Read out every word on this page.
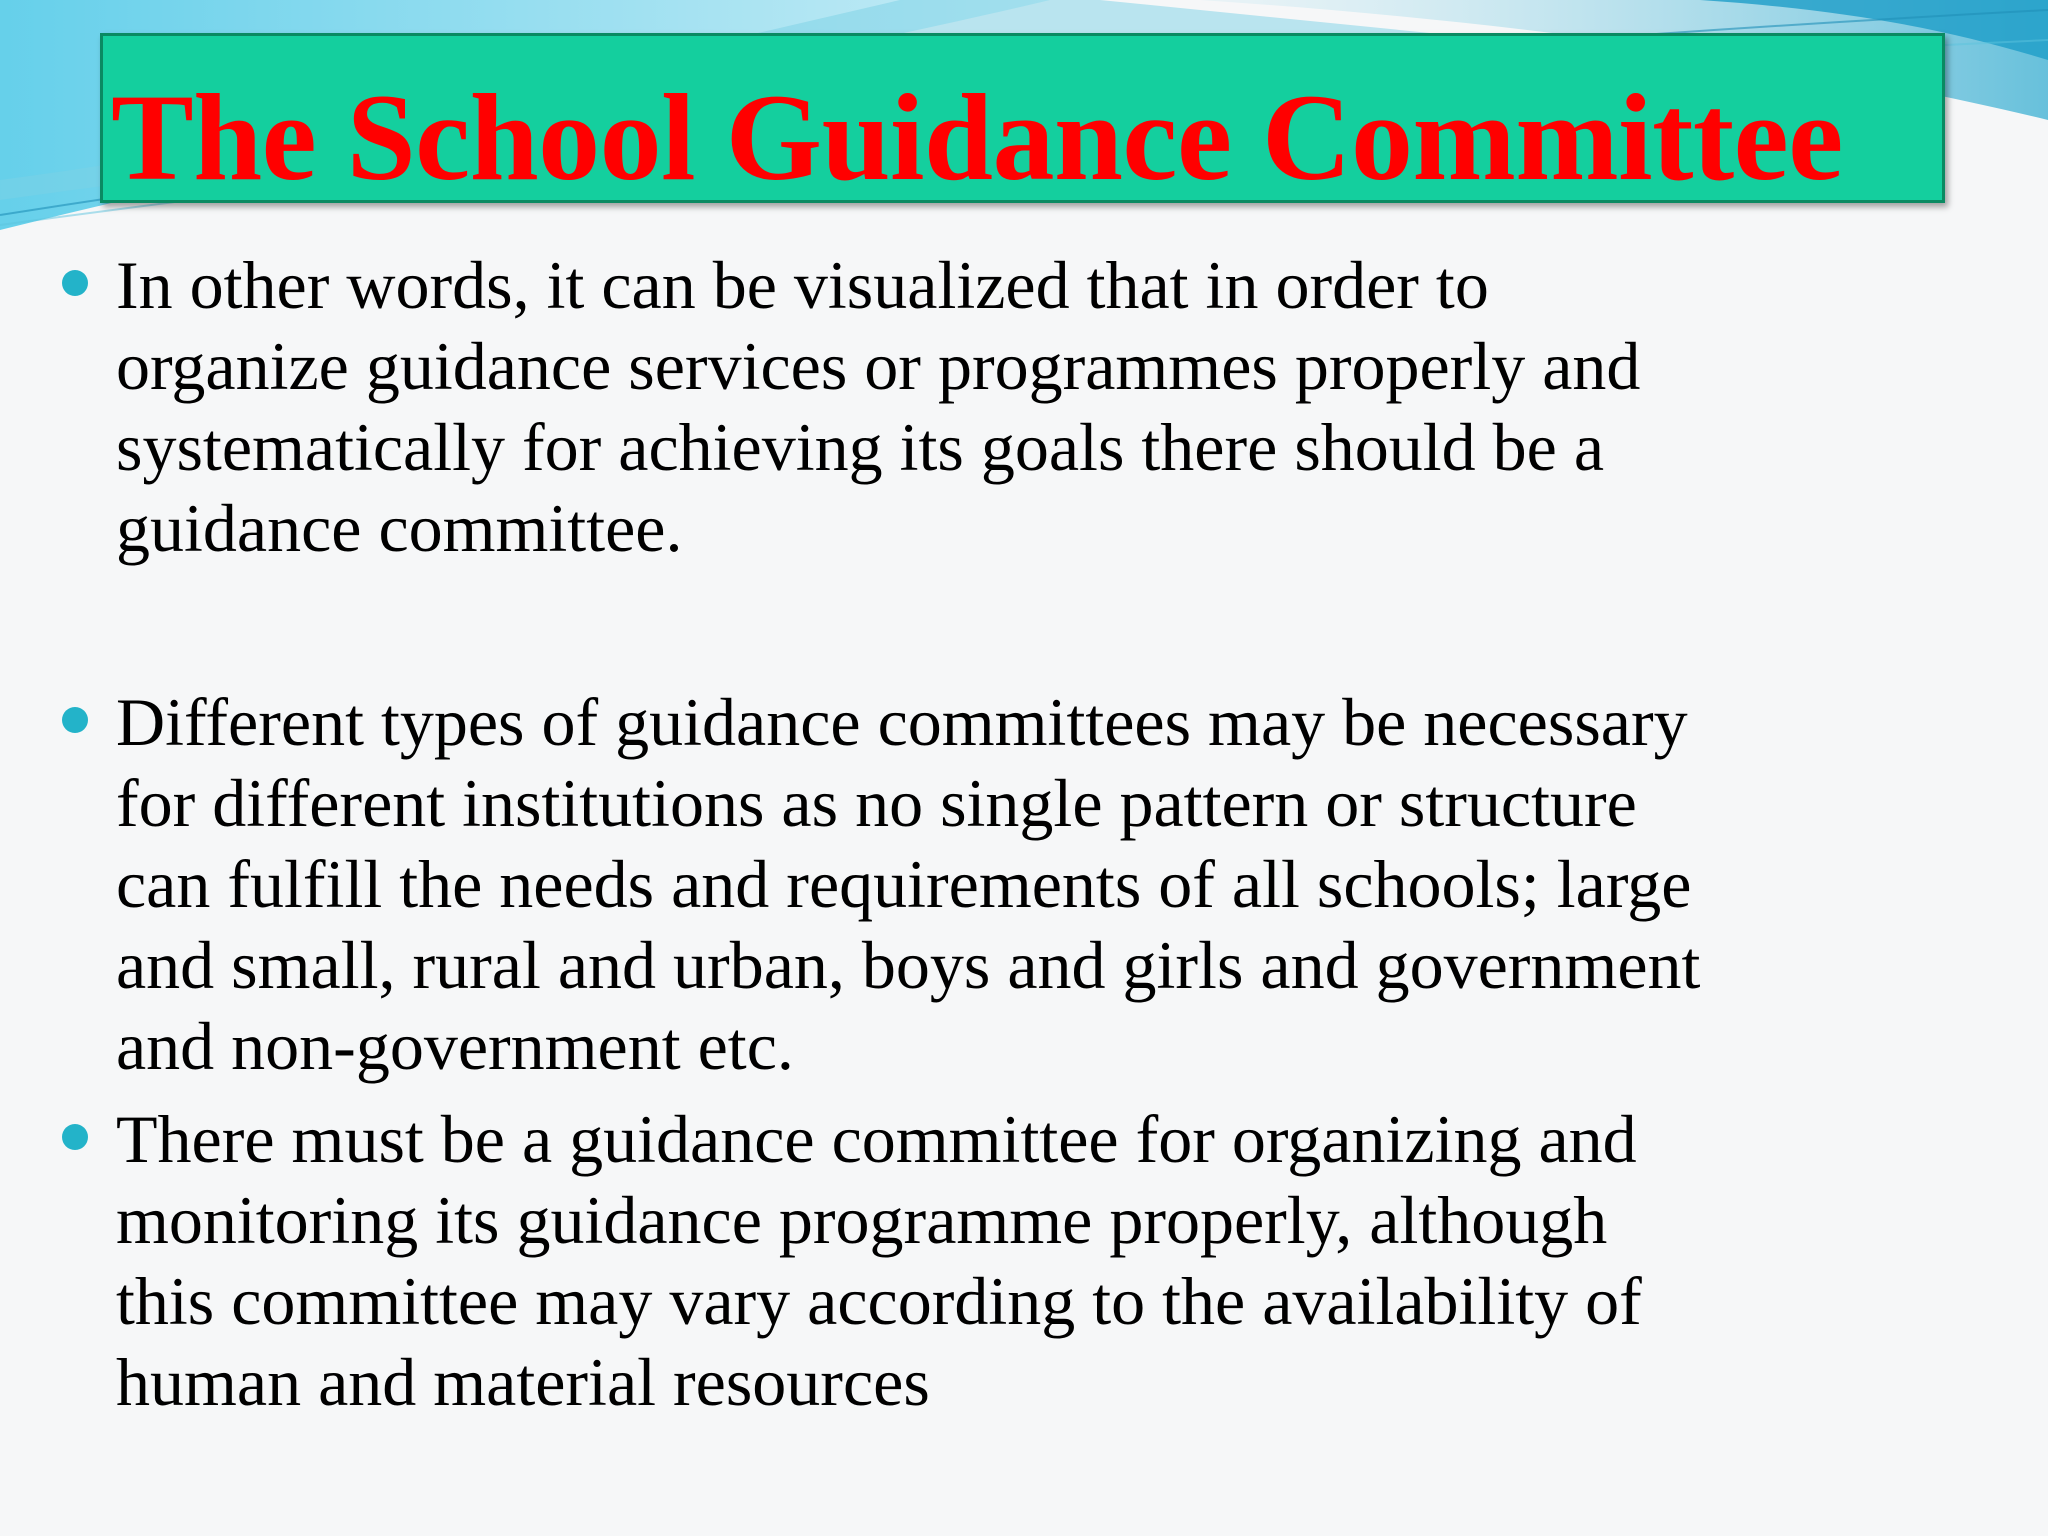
The School Guidance Committee

In other words, it can be visualized that in order to
organize guidance services or programmes properly and
systematically for achieving its goals there should be a
guidance committee.

Different types of guidance committees may be necessary
for different institutions as no single pattern or structure
can fulfill the needs and requirements of all schools; large
and small, rural and urban, boys and girls and government
and non-government etc.

There must be a guidance committee for organizing and
monitoring its guidance programme properly, although
this committee may vary according to the availability of
human and material resources
